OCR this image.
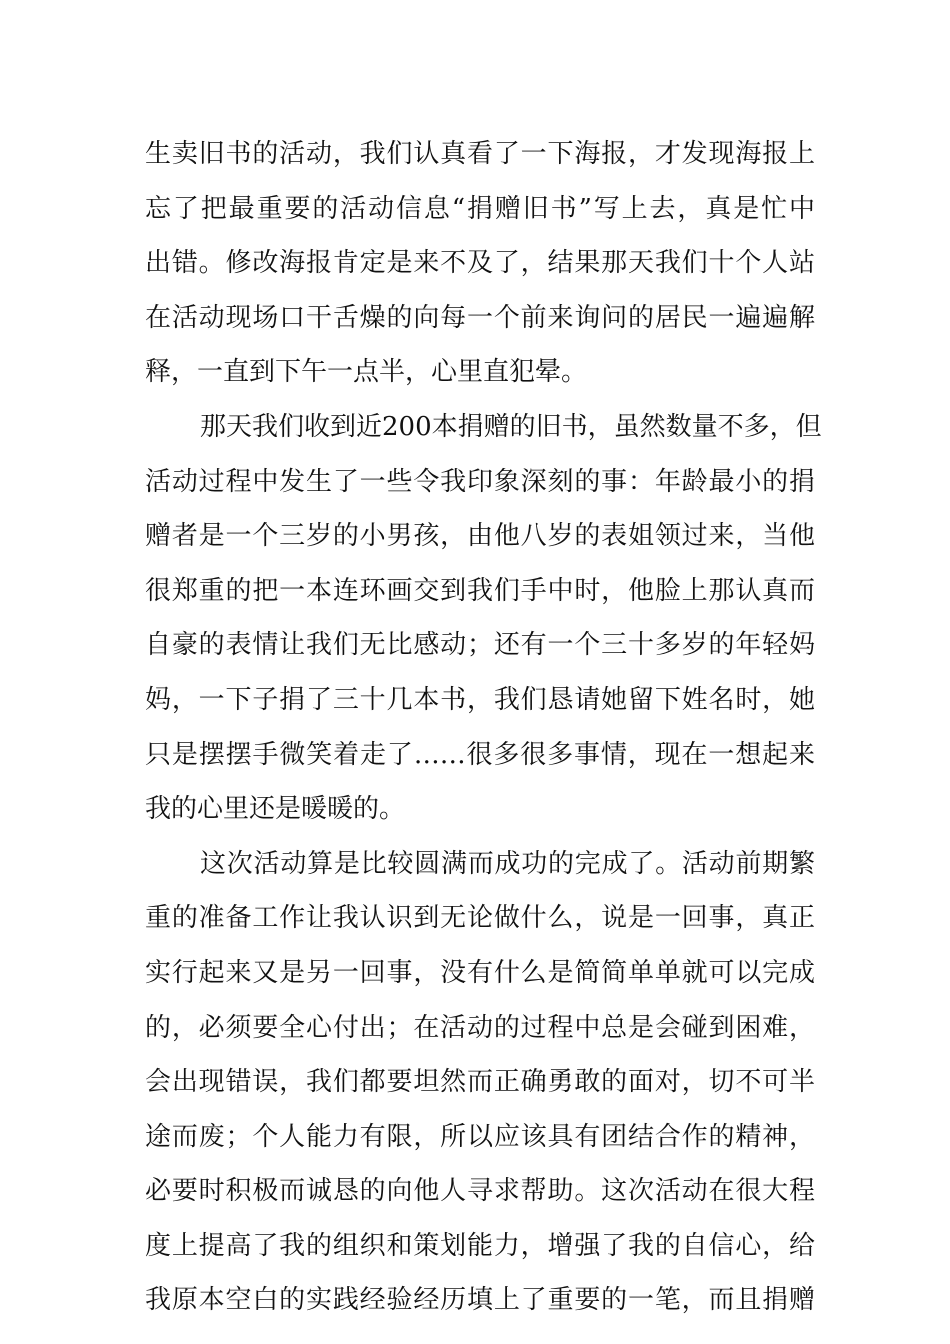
生卖旧书的活动，我们认真看了一下海报，才发现海报上
忘了把最重要的活动信息“捐赠旧书”写上去，真是忙中
出错。修改海报肯定是来不及了，结果那天我们十个人站
在活动现场口干舌燥的向每一个前来询问的居民一遍遍解
释，一直到下午一点半，心里直犯晕。
那天我们收到近200本捐赠的旧书，虽然数量不多，但
活动过程中发生了一些令我印象深刻的事：年龄最小的捐
赠者是一个三岁的小男孩，由他八岁的表姐领过来，当他
很郑重的把一本连环画交到我们手中时，他脸上那认真而
自豪的表情让我们无比感动；还有一个三十多岁的年轻妈
妈，一下子捐了三十几本书，我们恳请她留下姓名时，她
只是摆摆手微笑着走了……很多很多事情，现在一想起来
我的心里还是暖暖的。
这次活动算是比较圆满而成功的完成了。活动前期繁
重的准备工作让我认识到无论做什么，说是一回事，真正
实行起来又是另一回事，没有什么是简简单单就可以完成
的，必须要全心付出；在活动的过程中总是会碰到困难，
会出现错误，我们都要坦然而正确勇敢的面对，切不可半
途而废；个人能力有限，所以应该具有团结合作的精神，
必要时积极而诚恳的向他人寻求帮助。这次活动在很大程
度上提高了我的组织和策划能力，增强了我的自信心，给
我原本空白的实践经验经历填上了重要的一笔，而且捐赠
